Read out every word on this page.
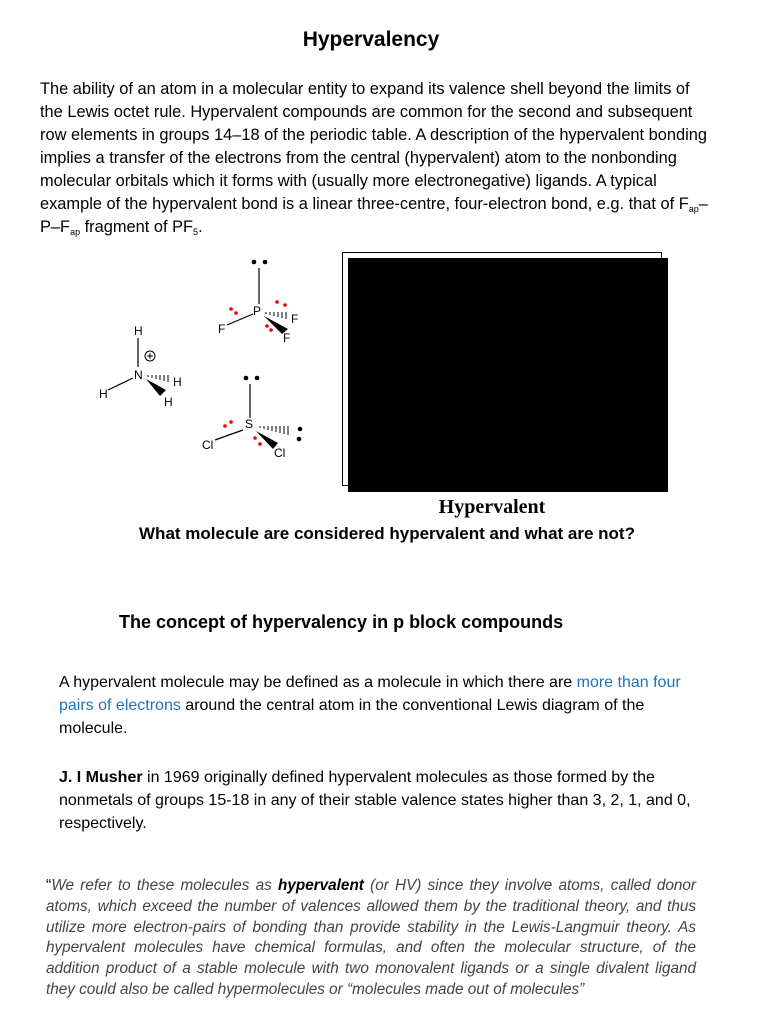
Hypervalency

The ability of an atom in a molecular entity to expand its valence shell beyond the limits of the Lewis octet rule. Hypervalent compounds are common for the second and subsequent row elements in groups 14–18 of the periodic table. A description of the hypervalent bonding implies a transfer of the electrons from the central (hypervalent) atom to the nonbonding molecular orbitals which it forms with (usually more electronegative) ligands. A typical example of the hypervalent bond is a linear three-centre, four-electron bond, e.g. that of $F_{ap}-P-F_{ap}$ fragment of $PF_5$.

P
F
F
F
H
N
H
H
H
S
Cl
Cl
Hypervalent
What molecule are considered hypervalent and what are not?
The concept of hypervalency in p block compounds

A hypervalent molecule may be defined as a molecule in which there are more than four pairs of electrons around the central atom in the conventional Lewis diagram of the molecule.

J. I Musher in 1969 originally defined hypervalent molecules as those formed by the nonmetals of groups 15-18 in any of their stable valence states higher than 3, 2, 1, and 0, respectively.

“We refer to these molecules as hypervalent (or HV) since they involve atoms, called donor atoms, which exceed the number of valences allowed them by the traditional theory, and thus utilize more electron-pairs of bonding than provide stability in the Lewis-Langmuir theory. As hypervalent molecules have chemical formulas, and often the molecular structure, of the addition product of a stable molecule with two monovalent ligands or a single divalent ligand they could also be called hypermolecules or “molecules made out of molecules”
